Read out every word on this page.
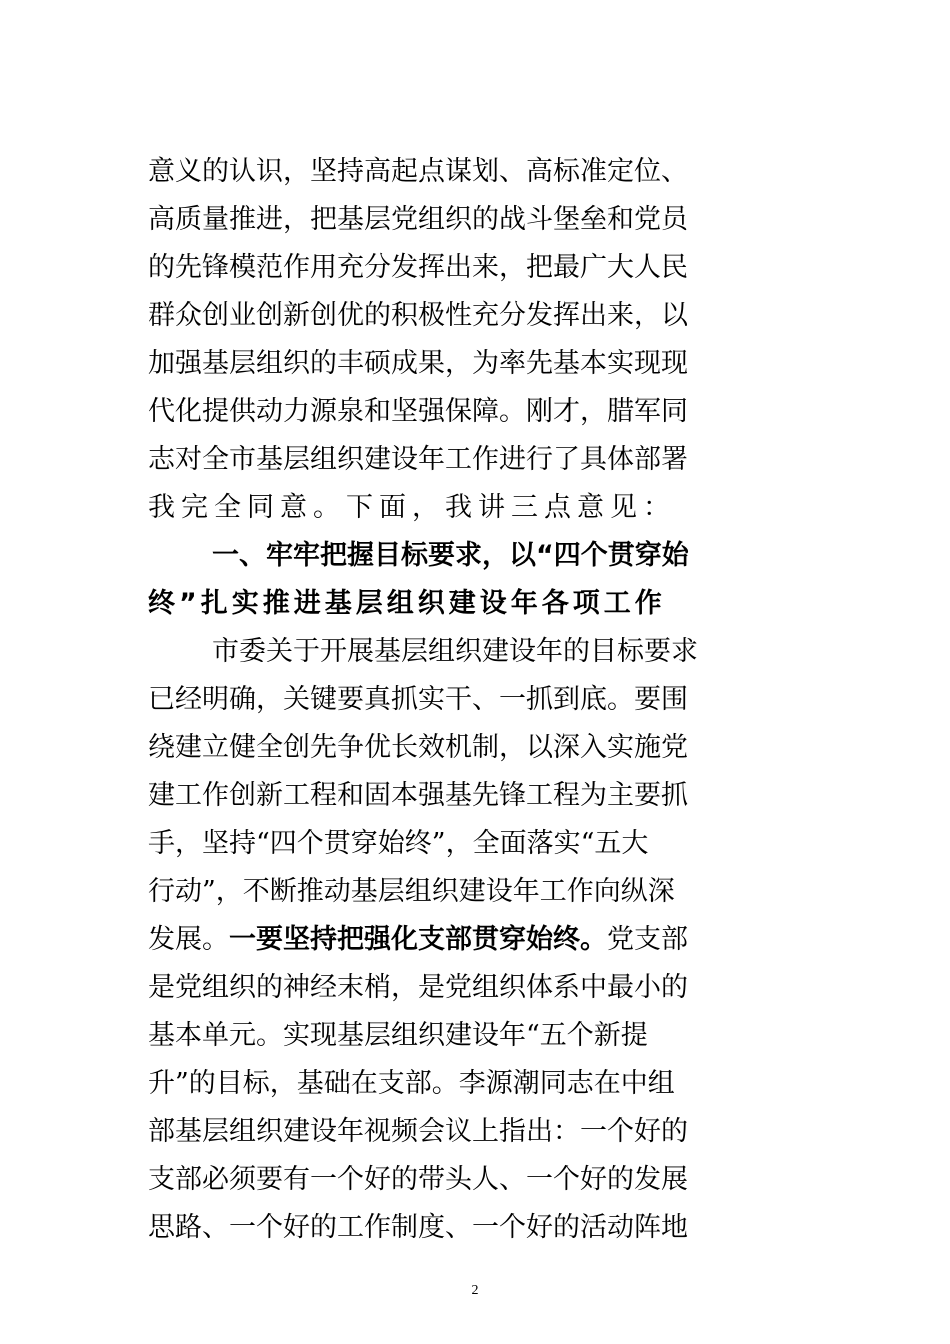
意义的认识，坚持高起点谋划、高标准定位、
高质量推进，把基层党组织的战斗堡垒和党员
的先锋模范作用充分发挥出来，把最广大人民
群众创业创新创优的积极性充分发挥出来，以
加强基层组织的丰硕成果，为率先基本实现现
代化提供动力源泉和坚强保障。刚才，腊军同
志对全市基层组织建设年工作进行了具体部署
我完全同意。下面，我讲三点意见：
一、牢牢把握目标要求，以“四个贯穿始
终”扎实推进基层组织建设年各项工作
市委关于开展基层组织建设年的目标要求
已经明确，关键要真抓实干、一抓到底。要围
绕建立健全创先争优长效机制，以深入实施党
建工作创新工程和固本强基先锋工程为主要抓
手，坚持“四个贯穿始终”，全面落实“五大
行动”，不断推动基层组织建设年工作向纵深
发展。一要坚持把强化支部贯穿始终。党支部
是党组织的神经末梢，是党组织体系中最小的
基本单元。实现基层组织建设年“五个新提
升”的目标，基础在支部。李源潮同志在中组
部基层组织建设年视频会议上指出：一个好的
支部必须要有一个好的带头人、一个好的发展
思路、一个好的工作制度、一个好的活动阵地
2
